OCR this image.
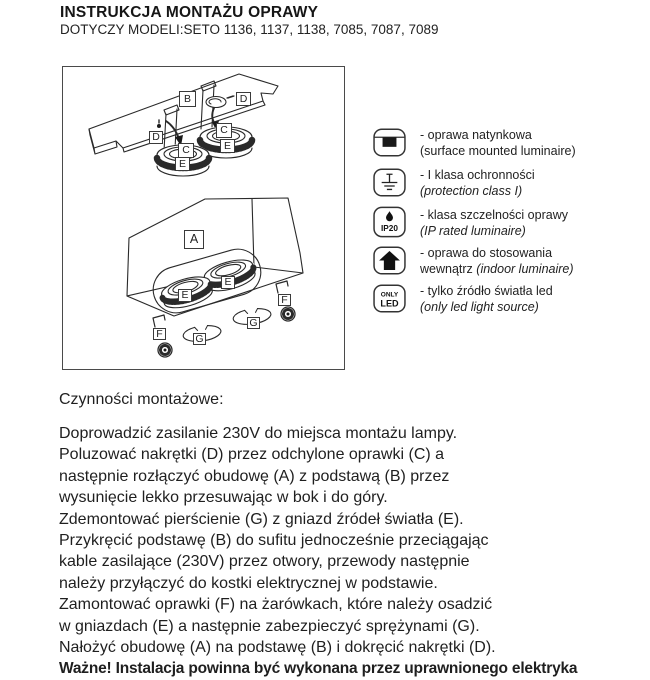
INSTRUKCJA MONTAŻU OPRAWY
DOTYCZY MODELI:SETO 1136, 1137, 1138, 7085, 7087, 7089
B	D
C
E
C
E
D
A
E
E
F	G
G
F
- oprawa natynkowa
(surface mounted luminaire)
- I klasa ochronności
(protection class I)
IP20
- klasa szczelności oprawy
(IP rated luminaire)
- oprawa do stosowania
wewnątrz (indoor luminaire)
ONLY
LED
- tylko źródło światła led
(only led light source)
Czynności montażowe:
Doprowadzić zasilanie 230V do miejsca montażu lampy.
Poluzować nakrętki (D) przez odchylone oprawki (C) a
następnie rozłączyć obudowę (A) z podstawą (B) przez
wysunięcie lekko przesuwając w bok i do góry.
Zdemontować pierścienie (G) z gniazd źródeł światła (E).
Przykręcić podstawę (B) do sufitu jednocześnie przeciągając
kable zasilające (230V) przez otwory, przewody następnie
należy przyłączyć do kostki elektrycznej w podstawie.
Zamontować oprawki (F) na żarówkach, które należy osadzić
w gniazdach (E) a następnie zabezpieczyć sprężynami (G).
Nałożyć obudowę (A) na podstawę (B) i dokręcić nakrętki (D).
Ważne! Instalacja powinna być wykonana przez uprawnionego elektryka
